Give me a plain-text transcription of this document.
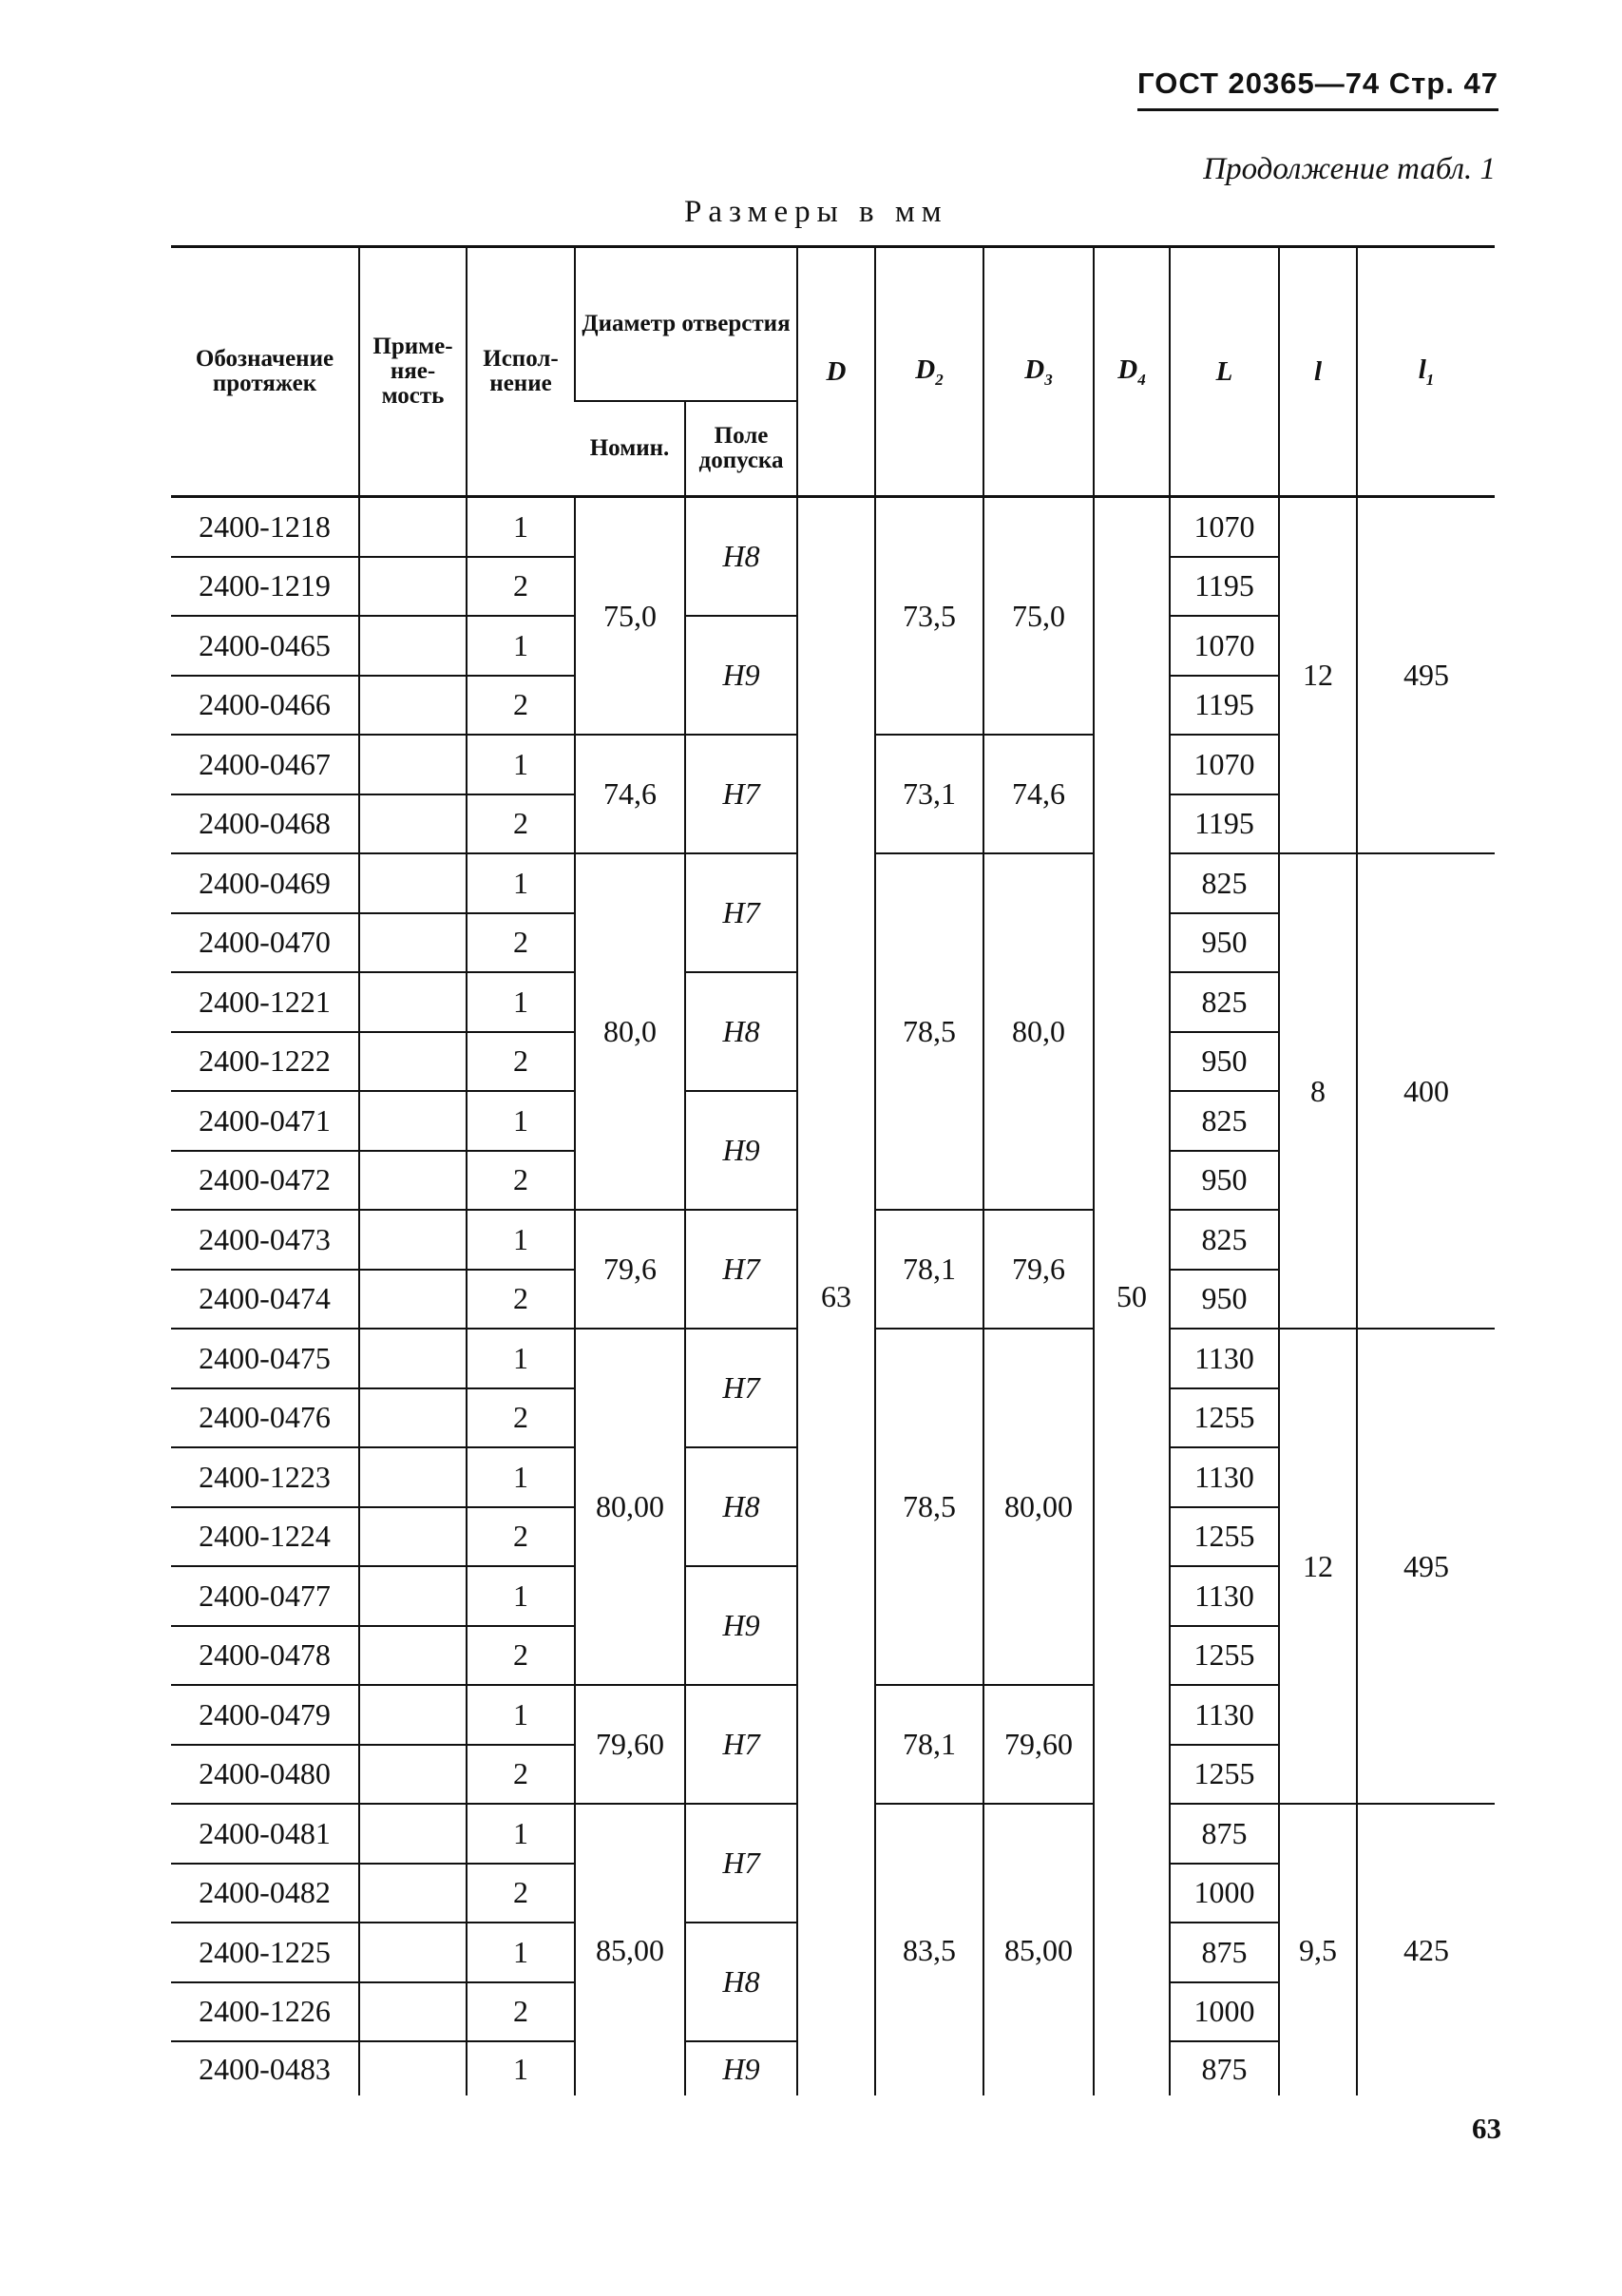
ГОСТ 20365—74 Стр. 47
Продолжение табл. 1
Размеры в мм
Обозначение протяжек	Приме-няе-мость	Испол-нение	Диаметр отверстия		D	$D_2$	$D_3$	$D_4$	L	l	$l_1$
			Номин.	Поле допуска							
2400-1218		1	75,0	H8	63	73,5	75,0	50	1070	12	495
2400-1219		2							1195		
2400-0465		1		H9					1070		
2400-0466		2							1195		
2400-0467		1	74,6	H7		73,1	74,6		1070		
2400-0468		2							1195		
2400-0469		1	80,0	H7		78,5	80,0		825	8	400
2400-0470		2							950		
2400-1221		1		H8					825		
2400-1222		2							950		
2400-0471		1		H9					825		
2400-0472		2							950		
2400-0473		1	79,6	H7		78,1	79,6		825		
2400-0474		2							950		
2400-0475		1	80,00	H7		78,5	80,00		1130	12	495
2400-0476		2							1255		
2400-1223		1		H8					1130		
2400-1224		2							1255		
2400-0477		1		H9					1130		
2400-0478		2							1255		
2400-0479		1	79,60	H7		78,1	79,60		1130		
2400-0480		2							1255		
2400-0481		1	85,00	H7		83,5	85,00		875	9,5	425
2400-0482		2							1000		
2400-1225		1		H8					875		
2400-1226		2							1000		
2400-0483		1		H9					875		
63
